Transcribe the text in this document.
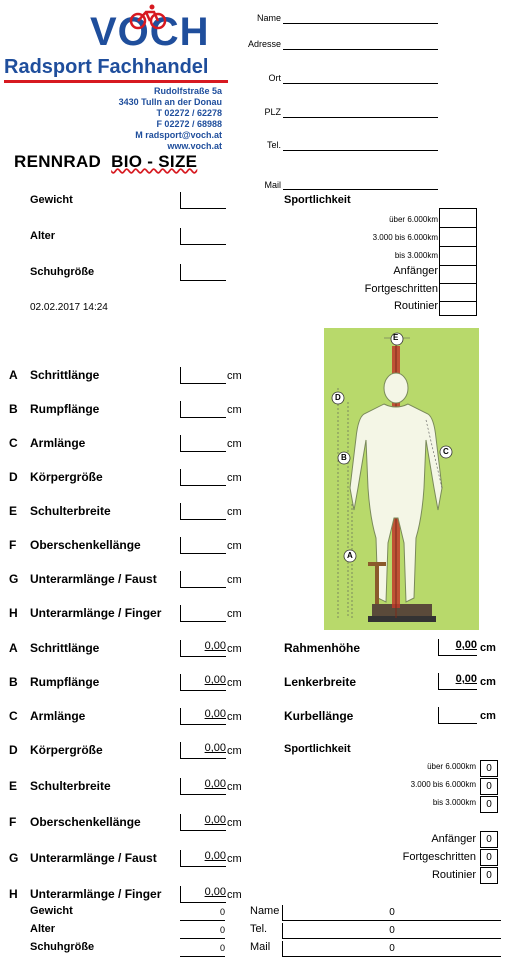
VOCH
Radsport Fachhandel
Rudolfstraße 5a
3430 Tulln an der Donau
T 02272 / 62278
F 02272 / 68988
M radsport@voch.at
www.voch.at
RENNRAD BIO - SIZE
Name
Adresse
Ort
PLZ
Tel.
Mail
Gewicht
Alter
Schuhgröße
02.02.2017 14:24
Sportlichkeit
über 6.000km
3.000 bis 6.000km
bis 3.000km
Anfänger
Fortgeschritten
Routinier
A Schrittlänge	cm
B Rumpflänge	cm
C Armlänge	cm
D Körpergröße	cm
E Schulterbreite	cm
F Oberschenkellänge	cm
G Unterarmlänge / Faust	cm
H Unterarmlänge / Finger	cm
E
D
B
C
A
A Schrittlänge	0,00 cm
B Rumpflänge	0,00 cm
C Armlänge	0,00 cm
D Körpergröße	0,00 cm
E Schulterbreite	0,00 cm
F Oberschenkellänge	0,00 cm
G Unterarmlänge / Faust	0,00 cm
H Unterarmlänge / Finger	0,00 cm
Rahmenhöhe	0,00 cm
Lenkerbreite	0,00 cm
Kurbellänge	cm
Sportlichkeit
über 6.000km	0
3.000 bis 6.000km	0
bis 3.000km	0
Anfänger	0
Fortgeschritten	0
Routinier	0
Gewicht	0 Name	0
Alter	0 Tel.	0
Schuhgröße	0 Mail	0
